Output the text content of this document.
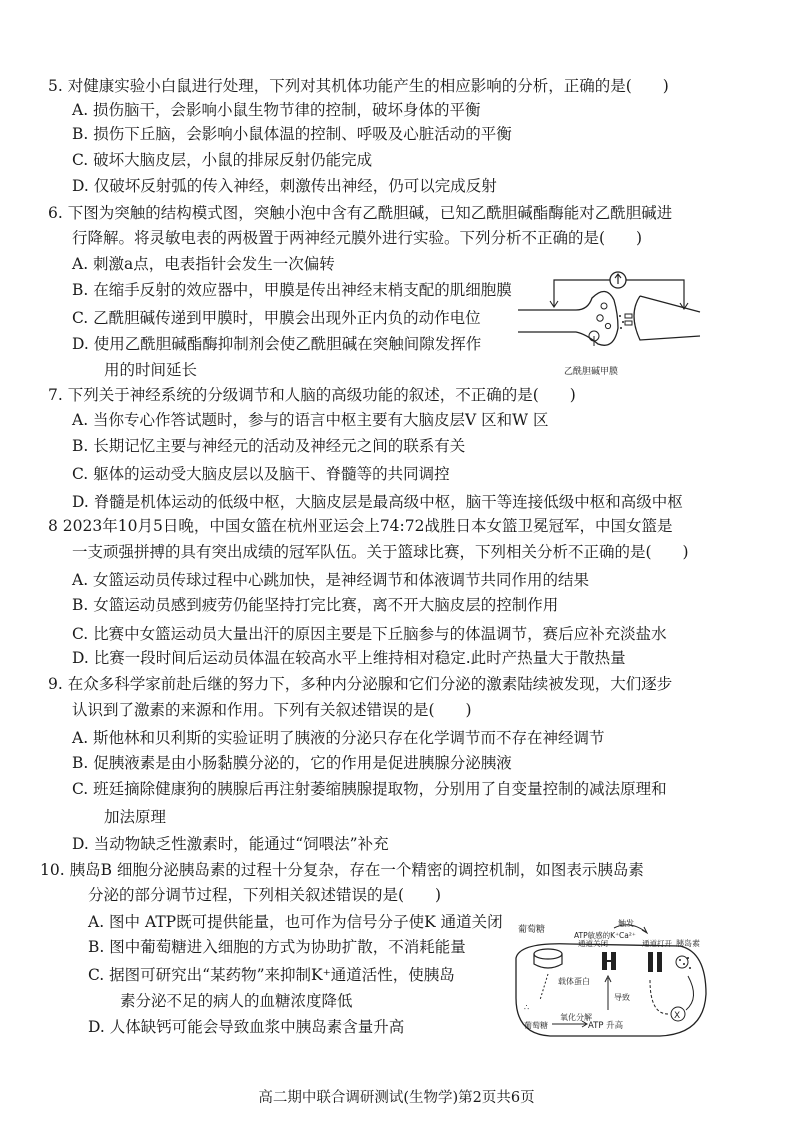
5. 对健康实验小白鼠进行处理，下列对其机体功能产生的相应影响的分析，正确的是(　　)
A. 损伤脑干，会影响小鼠生物节律的控制，破坏身体的平衡
B. 损伤下丘脑，会影响小鼠体温的控制、呼吸及心脏活动的平衡
C. 破坏大脑皮层，小鼠的排尿反射仍能完成
D. 仅破坏反射弧的传入神经，刺激传出神经，仍可以完成反射
6. 下图为突触的结构模式图，突触小泡中含有乙酰胆碱，已知乙酰胆碱酯酶能对乙酰胆碱进
行降解。将灵敏电表的两极置于两神经元膜外进行实验。下列分析不正确的是(　　)
A. 刺激a点，电表指针会发生一次偏转
B. 在缩手反射的效应器中，甲膜是传出神经末梢支配的肌细胞膜
C. 乙酰胆碱传递到甲膜时，甲膜会出现外正内负的动作电位
D. 使用乙酰胆碱酯酶抑制剂会使乙酰胆碱在突触间隙发挥作
用的时间延长	乙酰胆碱甲膜
7. 下列关于神经系统的分级调节和人脑的高级功能的叙述，不正确的是(　　)
A. 当你专心作答试题时，参与的语言中枢主要有大脑皮层V 区和W 区
B. 长期记忆主要与神经元的活动及神经元之间的联系有关
C. 躯体的运动受大脑皮层以及脑干、脊髓等的共同调控
D. 脊髓是机体运动的低级中枢，大脑皮层是最高级中枢，脑干等连接低级中枢和高级中枢
8 2023年10月5日晚，中国女篮在杭州亚运会上74:72战胜日本女篮卫冕冠军，中国女篮是
一支顽强拼搏的具有突出成绩的冠军队伍。关于篮球比赛，下列相关分析不正确的是(　　)
A. 女篮运动员传球过程中心跳加快，是神经调节和体液调节共同作用的结果
B. 女篮运动员感到疲劳仍能坚持打完比赛，离不开大脑皮层的控制作用
C. 比赛中女篮运动员大量出汗的原因主要是下丘脑参与的体温调节，赛后应补充淡盐水
D. 比赛一段时间后运动员体温在较高水平上维持相对稳定.此时产热量大于散热量
9. 在众多科学家前赴后继的努力下，多种内分泌腺和它们分泌的激素陆续被发现，大们逐步
认识到了激素的来源和作用。下列有关叙述错误的是(　　)
A. 斯他林和贝利斯的实验证明了胰液的分泌只存在化学调节而不存在神经调节
B. 促胰液素是由小肠黏膜分泌的，它的作用是促进胰腺分泌胰液
C. 班廷摘除健康狗的胰腺后再注射萎缩胰腺提取物，分别用了自变量控制的减法原理和
加法原理
D. 当动物缺乏性激素时，能通过“饲喂法”补充
10. 胰岛B 细胞分泌胰岛素的过程十分复杂，存在一个精密的调控机制，如图表示胰岛素
分泌的部分调节过程，下列相关叙述错误的是(　　)
A. 图中 ATP既可提供能量，也可作为信号分子使K 通道关闭
B. 图中葡萄糖进入细胞的方式为协助扩散，不消耗能量
C. 据图可研究出“某药物”来抑制K⁺通道活性，使胰岛
素分泌不足的病人的血糖浓度降低
D. 人体缺钙可能会导致血浆中胰岛素含量升高
葡萄糖
触发
ATP敏感的K⁺Ca²⁺
通道关闭	通道打开 胰岛素
载体蛋白
X
导致
∴
葡萄糖
氧化分解
ATP 升高
高二期中联合调研测试(生物学)第2页共6页
